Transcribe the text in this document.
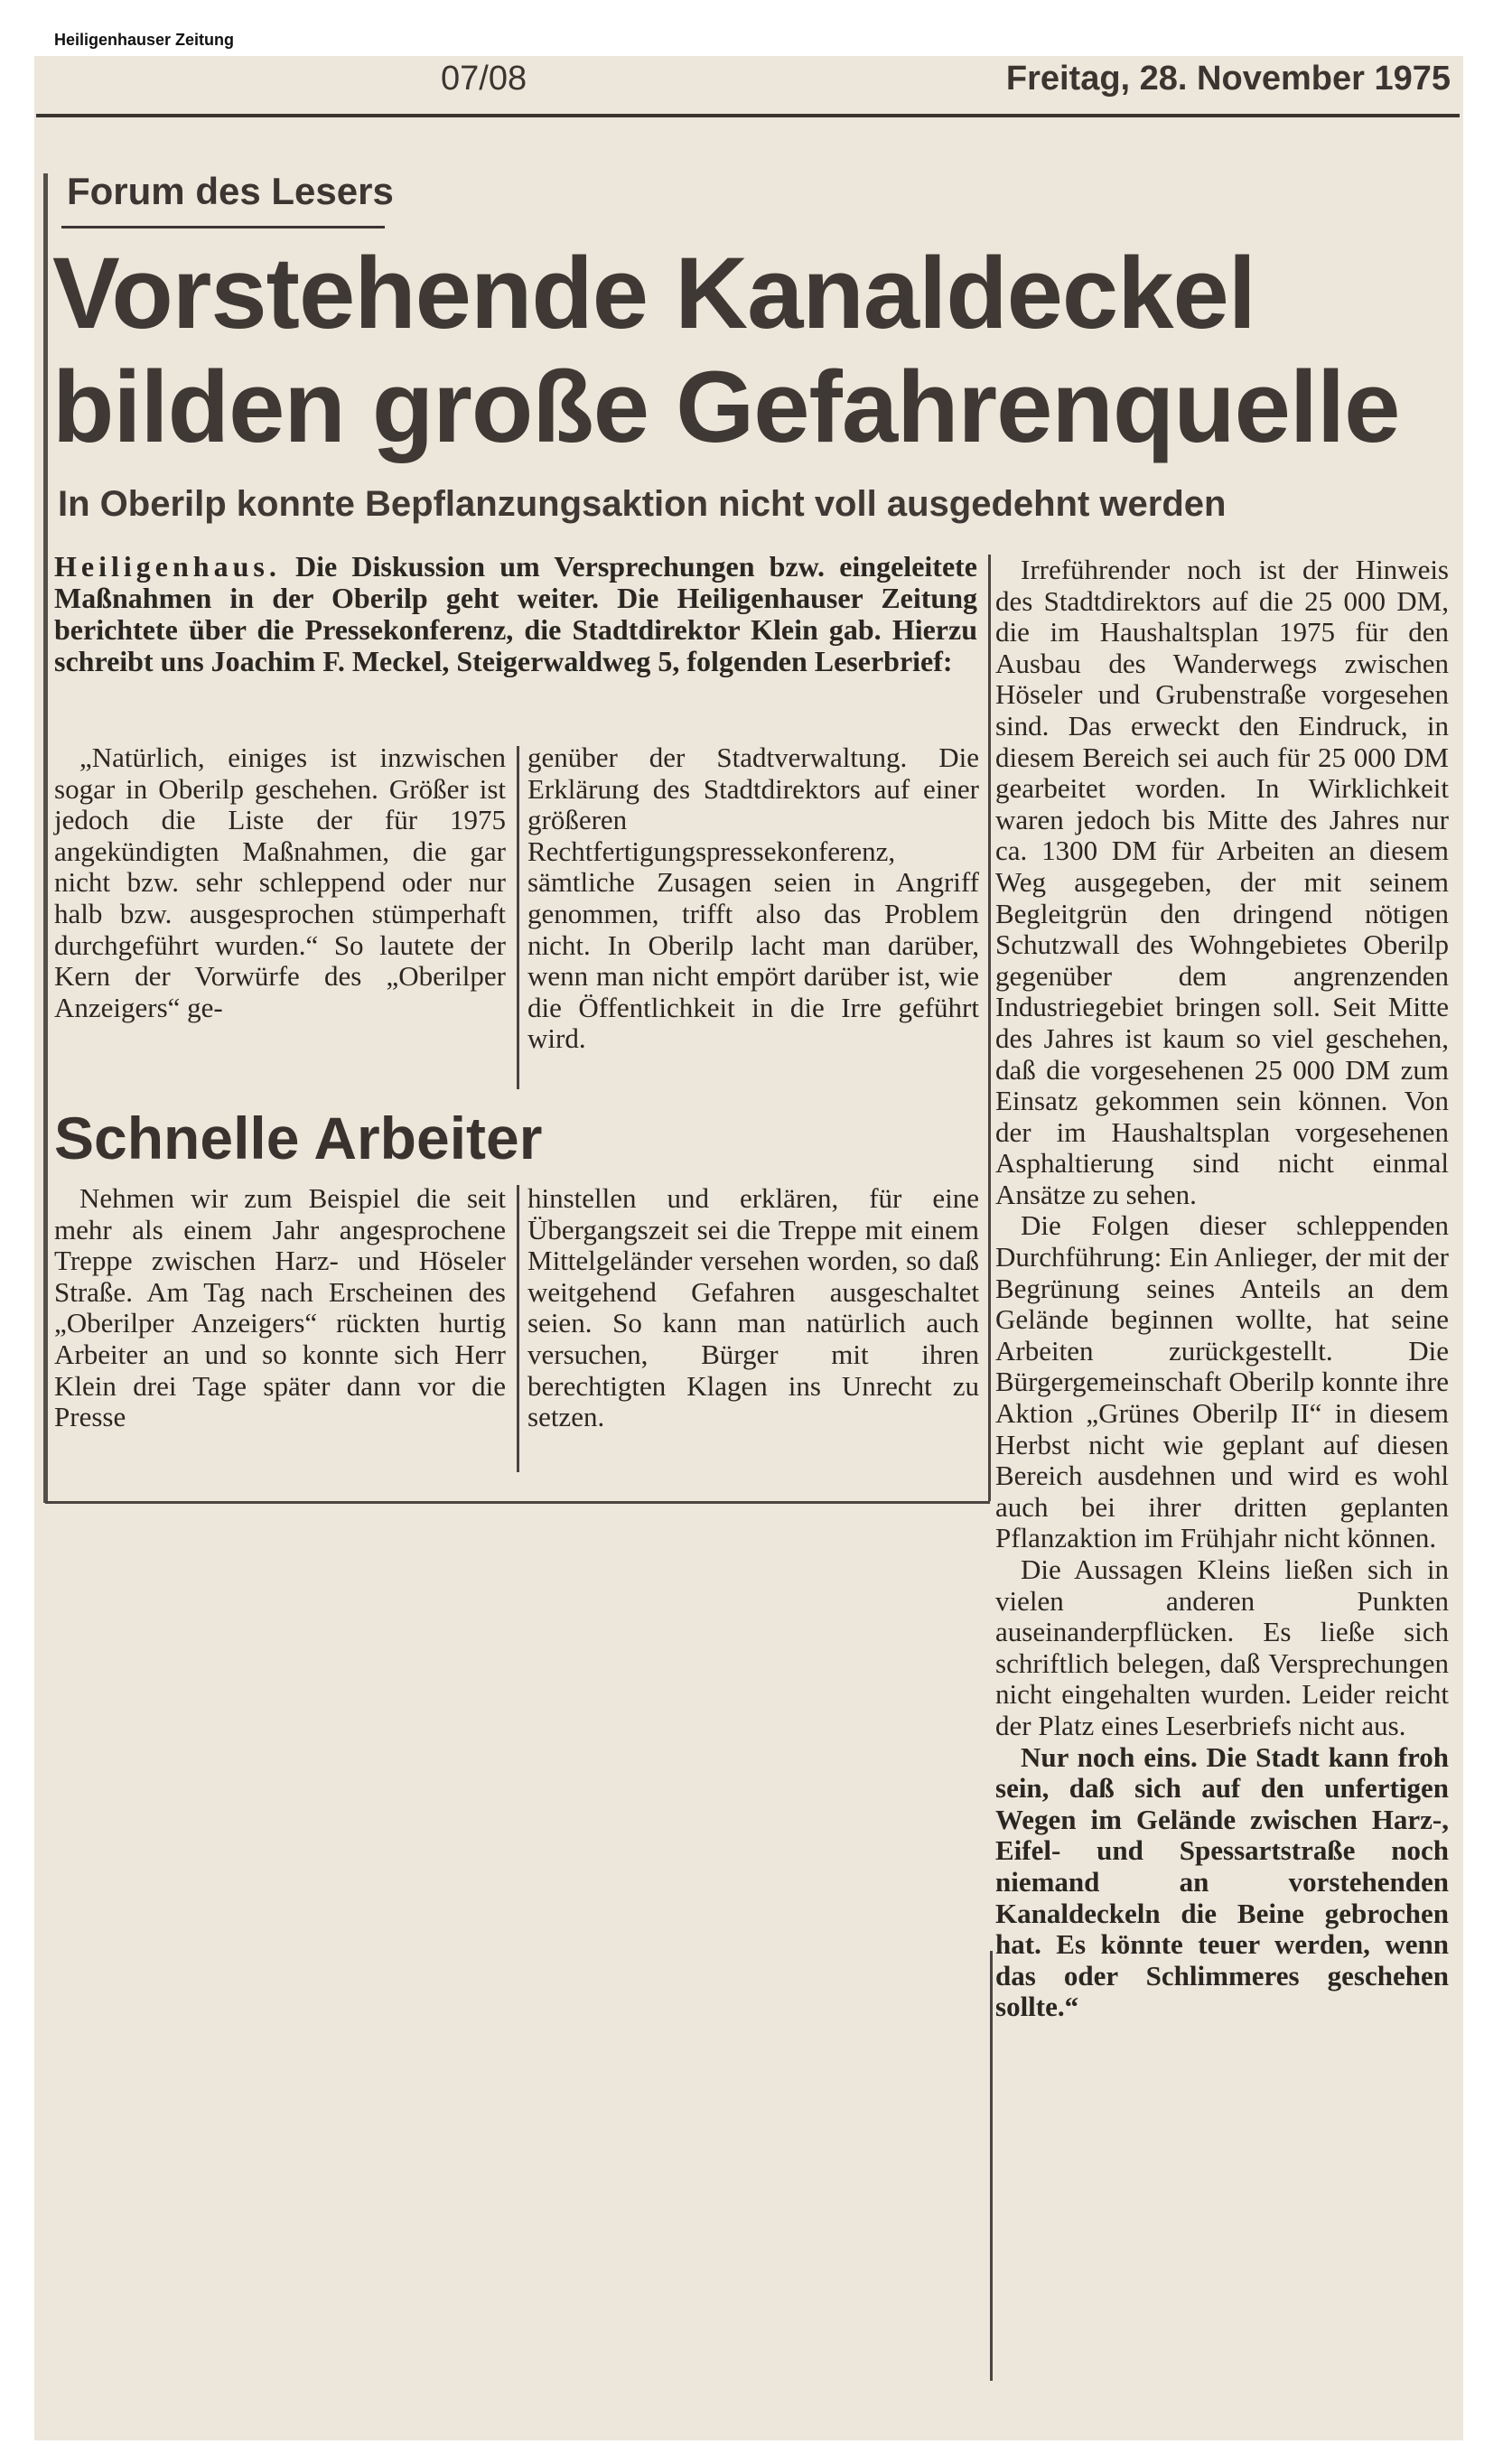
Heiligenhauser Zeitung
07/08	Freitag, 28. November 1975
Forum des Lesers
Vorstehende Kanaldeckel
bilden große Gefahrenquelle
In Oberilp konnte Bepflanzungsaktion nicht voll ausgedehnt werden

Heiligenhaus. Die Diskussion um Versprechungen bzw. eingeleitete Maßnahmen in der Oberilp geht weiter. Die Heiligenhauser Zeitung berichtete über die Pressekonferenz, die Stadtdirektor Klein gab. Hierzu schreibt uns Joachim F. Meckel, Steigerwaldweg 5, folgenden Leserbrief:

„Natürlich, einiges ist inzwischen sogar in Oberilp geschehen. Größer ist jedoch die Liste der für 1975 angekündigten Maßnahmen, die gar nicht bzw. sehr schleppend oder nur halb bzw. ausgesprochen stümperhaft durchgeführt wurden.“ So lautete der Kern der Vorwürfe des „Oberilper Anzeigers“ ge-

genüber der Stadtverwaltung. Die Erklärung des Stadtdirektors auf einer größeren Rechtfertigungspressekonferenz, sämtliche Zusagen seien in Angriff genommen, trifft also das Problem nicht. In Oberilp lacht man darüber, wenn man nicht empört darüber ist, wie die Öffentlichkeit in die Irre geführt wird.

Schnelle Arbeiter

Nehmen wir zum Beispiel die seit mehr als einem Jahr angesprochene Treppe zwischen Harz- und Höseler Straße. Am Tag nach Erscheinen des „Oberilper Anzeigers“ rückten hurtig Arbeiter an und so konnte sich Herr Klein drei Tage später dann vor die Presse

hinstellen und erklären, für eine Übergangszeit sei die Treppe mit einem Mittelgeländer versehen worden, so daß weitgehend Gefahren ausgeschaltet seien. So kann man natürlich auch versuchen, Bürger mit ihren berechtigten Klagen ins Unrecht zu setzen.

Irreführender noch ist der Hinweis des Stadtdirektors auf die 25 000 DM, die im Haushaltsplan 1975 für den Ausbau des Wanderwegs zwischen Höseler und Grubenstraße vorgesehen sind. Das erweckt den Eindruck, in diesem Bereich sei auch für 25 000 DM gearbeitet worden. In Wirklichkeit waren jedoch bis Mitte des Jahres nur ca. 1300 DM für Arbeiten an diesem Weg ausgegeben, der mit seinem Begleitgrün den dringend nötigen Schutzwall des Wohngebietes Oberilp gegenüber dem angrenzenden Industriegebiet bringen soll. Seit Mitte des Jahres ist kaum so viel geschehen, daß die vorgesehenen 25 000 DM zum Einsatz gekommen sein können. Von der im Haushaltsplan vorgesehenen Asphaltierung sind nicht einmal Ansätze zu sehen.

Die Folgen dieser schleppenden Durchführung: Ein Anlieger, der mit der Begrünung seines Anteils an dem Gelände beginnen wollte, hat seine Arbeiten zurückgestellt. Die Bürgergemeinschaft Oberilp konnte ihre Aktion „Grünes Oberilp II“ in diesem Herbst nicht wie geplant auf diesen Bereich ausdehnen und wird es wohl auch bei ihrer dritten geplanten Pflanzaktion im Frühjahr nicht können.

Die Aussagen Kleins ließen sich in vielen anderen Punkten auseinanderpflücken. Es ließe sich schriftlich belegen, daß Versprechungen nicht eingehalten wurden. Leider reicht der Platz eines Leserbriefs nicht aus.

Nur noch eins. Die Stadt kann froh sein, daß sich auf den unfertigen Wegen im Gelände zwischen Harz-, Eifel- und Spessartstraße noch niemand an vorstehenden Kanaldeckeln die Beine gebrochen hat. Es könnte teuer werden, wenn das oder Schlimmeres geschehen sollte.“
